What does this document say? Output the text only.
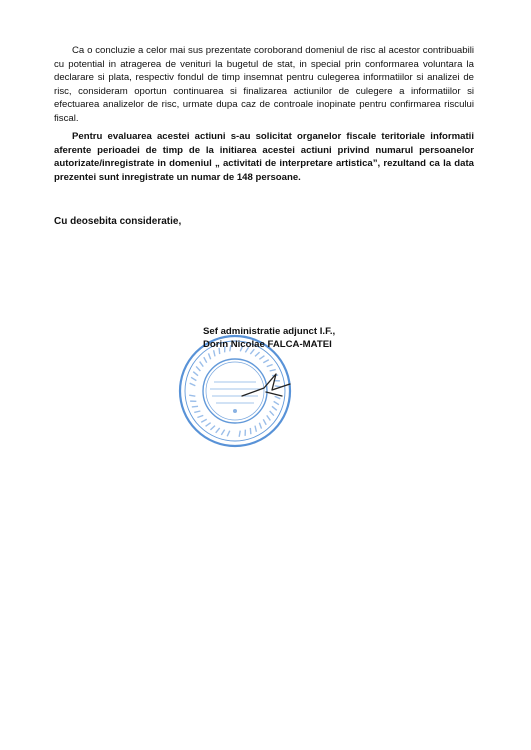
Ca o concluzie a celor mai sus prezentate coroborand domeniul de risc al acestor contribuabili cu potential in atragerea de venituri la bugetul de stat, in special prin conformarea voluntara la declarare si plata, respectiv fondul de timp insemnat pentru culegerea informatiilor si analizei de risc, consideram oportun continuarea si finalizarea actiunilor de culegere a informatiilor si efectuarea analizelor de risc, urmate dupa caz de controale inopinate pentru confirmarea riscului fiscal.

Pentru evaluarea acestei actiuni s-au solicitat organelor fiscale teritoriale informatii aferente perioadei de timp de la initiarea acestei actiuni privind numarul persoanelor autorizate/inregistrate in domeniul „ activitati de interpretare artistica”, rezultand ca la data prezentei sunt inregistrate un numar de 148 persoane.

Cu deosebita consideratie,

Sef administratie adjunct I.F.,

Dorin Nicolae FALCA-MATEI
